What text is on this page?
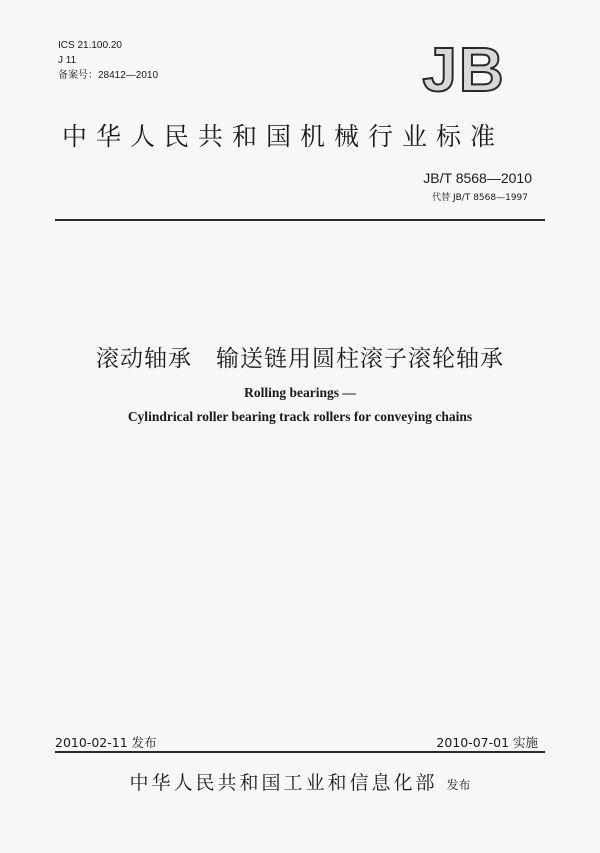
ICS 21.100.20
J 11
备案号：28412—2010	JB
中华人民共和国机械行业标准
JB/T 8568—2010
代替 JB/T 8568—1997
滚动轴承　输送链用圆柱滚子滚轮轴承
Rolling bearings —
Cylindrical roller bearing track rollers for conveying chains
2010-02-11 发布	2010-07-01 实施
中华人民共和国工业和信息化部 发布
